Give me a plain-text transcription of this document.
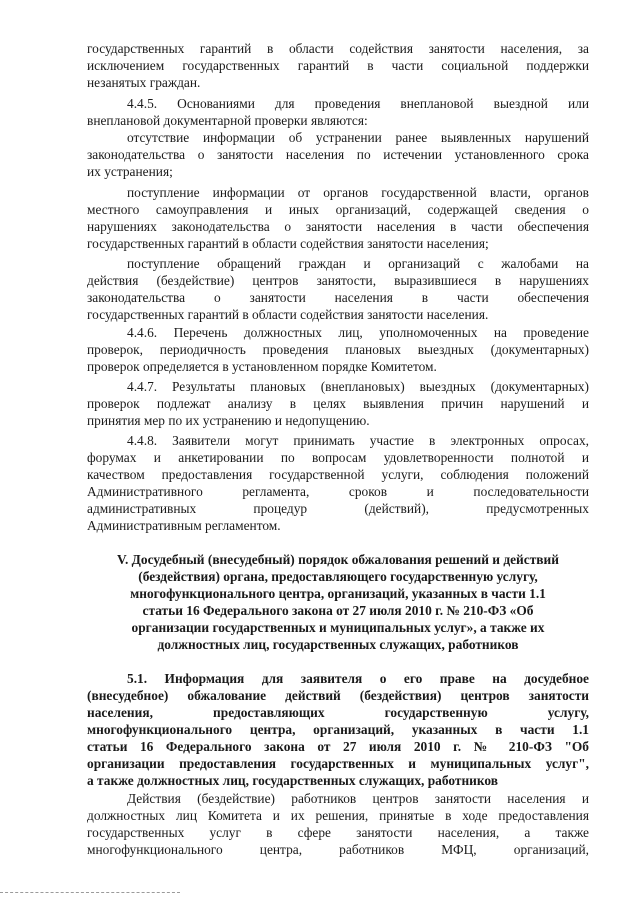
государственных гарантий в области содействия занятости населения, за
исключением государственных гарантий в части социальной поддержки
незанятых граждан.
4.4.5. Основаниями для проведения внеплановой выездной или
внеплановой документарной проверки являются:
отсутствие информации об устранении ранее выявленных нарушений
законодательства о занятости населения по истечении установленного срока
их устранения;
поступление информации от органов государственной власти, органов
местного самоуправления и иных организаций, содержащей сведения о
нарушениях законодательства о занятости населения в части обеспечения
государственных гарантий в области содействия занятости населения;
поступление обращений граждан и организаций с жалобами на
действия (бездействие) центров занятости, выразившиеся в нарушениях
законодательства о занятости населения в части обеспечения
государственных гарантий в области содействия занятости населения.
4.4.6. Перечень должностных лиц, уполномоченных на проведение
проверок, периодичность проведения плановых выездных (документарных)
проверок определяется в установленном порядке Комитетом.
4.4.7. Результаты плановых (внеплановых) выездных (документарных)
проверок подлежат анализу в целях выявления причин нарушений и
принятия мер по их устранению и недопущению.
4.4.8. Заявители могут принимать участие в электронных опросах,
форумах и анкетировании по вопросам удовлетворенности полнотой и
качеством предоставления государственной услуги, соблюдения положений
Административного регламента, сроков и последовательности
административных процедур (действий), предусмотренных
Административным регламентом.
V. Досудебный (внесудебный) порядок обжалования решений и действий
(бездействия) органа, предоставляющего государственную услугу,
многофункционального центра, организаций, указанных в части 1.1
статьи 16 Федерального закона от 27 июля 2010 г. № 210-ФЗ «Об
организации государственных и муниципальных услуг», а также их
должностных лиц, государственных служащих, работников
5.1. Информация для заявителя о его праве на досудебное
(внесудебное) обжалование действий (бездействия) центров занятости
населения, предоставляющих государственную услугу,
многофункционального центра, организаций, указанных в части 1.1
статьи 16 Федерального закона от 27 июля 2010 г. № 210-ФЗ "Об
организации предоставления государственных и муниципальных услуг",
а также должностных лиц, государственных служащих, работников
Действия (бездействие) работников центров занятости населения и
должностных лиц Комитета и их решения, принятые в ходе предоставления
государственных услуг в сфере занятости населения, а также
многофункционального центра, работников МФЦ, организаций,
